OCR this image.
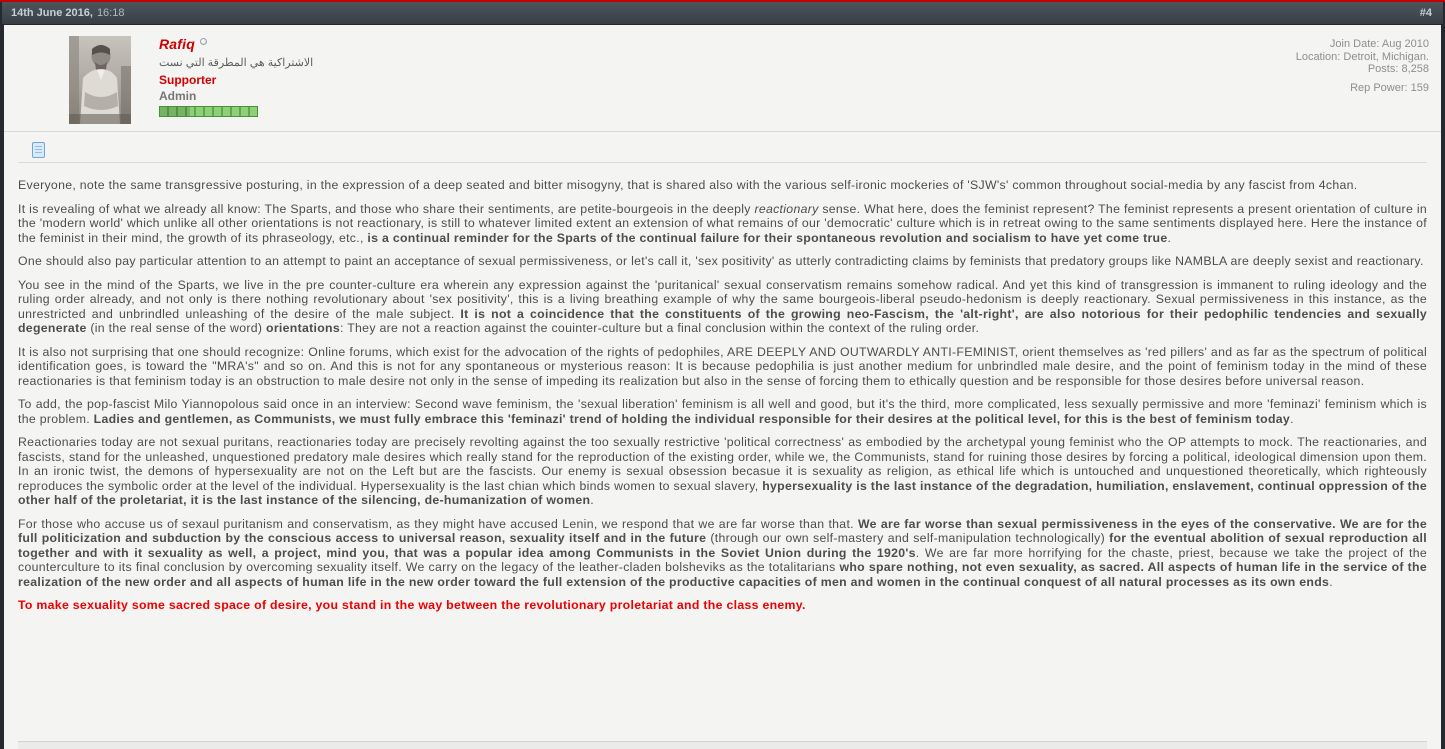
14th June 2016, 16:18	#4
Rafiq
الاشتراكية هي المطرقة التي نست
Supporter
Admin
Join Date: Aug 2010
Location: Detroit, Michigan.
Posts: 8,258
Rep Power: 159

Everyone, note the same transgressive posturing, in the expression of a deep seated and bitter misogyny, that is shared also with the various self-ironic mockeries of 'SJW's' common throughout social-media by any fascist from 4chan.

It is revealing of what we already all know: The Sparts, and those who share their sentiments, are petite-bourgeois in the deeply reactionary sense. What here, does the feminist represent? The feminist represents a present orientation of culture in the 'modern world' which unlike all other orientations is not reactionary, is still to whatever limited extent an extension of what remains of our 'democratic' culture which is in retreat owing to the same sentiments displayed here. Here the instance of the feminist in their mind, the growth of its phraseology, etc., is a continual reminder for the Sparts of the continual failure for their spontaneous revolution and socialism to have yet come true.

One should also pay particular attention to an attempt to paint an acceptance of sexual permissiveness, or let's call it, 'sex positivity' as utterly contradicting claims by feminists that predatory groups like NAMBLA are deeply sexist and reactionary.

You see in the mind of the Sparts, we live in the pre counter-culture era wherein any expression against the 'puritanical' sexual conservatism remains somehow radical. And yet this kind of transgression is immanent to ruling ideology and the ruling order already, and not only is there nothing revolutionary about 'sex positivity', this is a living breathing example of why the same bourgeois-liberal pseudo-hedonism is deeply reactionary. Sexual permissiveness in this instance, as the unrestricted and unbrindled unleashing of the desire of the male subject. It is not a coincidence that the constituents of the growing neo-Fascism, the 'alt-right', are also notorious for their pedophilic tendencies and sexually degenerate (in the real sense of the word) orientations: They are not a reaction against the couinter-culture but a final conclusion within the context of the ruling order.

It is also not surprising that one should recognize: Online forums, which exist for the advocation of the rights of pedophiles, ARE DEEPLY AND OUTWARDLY ANTI-FEMINIST, orient themselves as 'red pillers' and as far as the spectrum of political identification goes, is toward the "MRA's" and so on. And this is not for any spontaneous or mysterious reason: It is because pedophilia is just another medium for unbrindled male desire, and the point of feminism today in the mind of these reactionaries is that feminism today is an obstruction to male desire not only in the sense of impeding its realization but also in the sense of forcing them to ethically question and be responsible for those desires before universal reason.

To add, the pop-fascist Milo Yiannopolous said once in an interview: Second wave feminism, the 'sexual liberation' feminism is all well and good, but it's the third, more complicated, less sexually permissive and more 'feminazi' feminism which is the problem. Ladies and gentlemen, as Communists, we must fully embrace this 'feminazi' trend of holding the individual responsible for their desires at the political level, for this is the best of feminism today.

Reactionaries today are not sexual puritans, reactionaries today are precisely revolting against the too sexually restrictive 'political correctness' as embodied by the archetypal young feminist who the OP attempts to mock. The reactionaries, and fascists, stand for the unleashed, unquestioned predatory male desires which really stand for the reproduction of the existing order, while we, the Communists, stand for ruining those desires by forcing a political, ideological dimension upon them. In an ironic twist, the demons of hypersexuality are not on the Left but are the fascists. Our enemy is sexual obsession becasue it is sexuality as religion, as ethical life which is untouched and unquestioned theoretically, which righteously reproduces the symbolic order at the level of the individual. Hypersexuality is the last chian which binds women to sexual slavery, hypersexuality is the last instance of the degradation, humiliation, enslavement, continual oppression of the other half of the proletariat, it is the last instance of the silencing, de-humanization of women.

For those who accuse us of sexaul puritanism and conservatism, as they might have accused Lenin, we respond that we are far worse than that. We are far worse than sexual permissiveness in the eyes of the conservative. We are for the full politicization and subduction by the conscious access to universal reason, sexuality itself and in the future (through our own self-mastery and self-manipulation technologically) for the eventual abolition of sexual reproduction all together and with it sexuality as well, a project, mind you, that was a popular idea among Communists in the Soviet Union during the 1920's. We are far more horrifying for the chaste, priest, because we take the project of the counterculture to its final conclusion by overcoming sexuality itself. We carry on the legacy of the leather-claden bolsheviks as the totalitarians who spare nothing, not even sexuality, as sacred. All aspects of human life in the service of the realization of the new order and all aspects of human life in the new order toward the full extension of the productive capacities of men and women in the continual conquest of all natural processes as its own ends.

To make sexuality some sacred space of desire, you stand in the way between the revolutionary proletariat and the class enemy.
